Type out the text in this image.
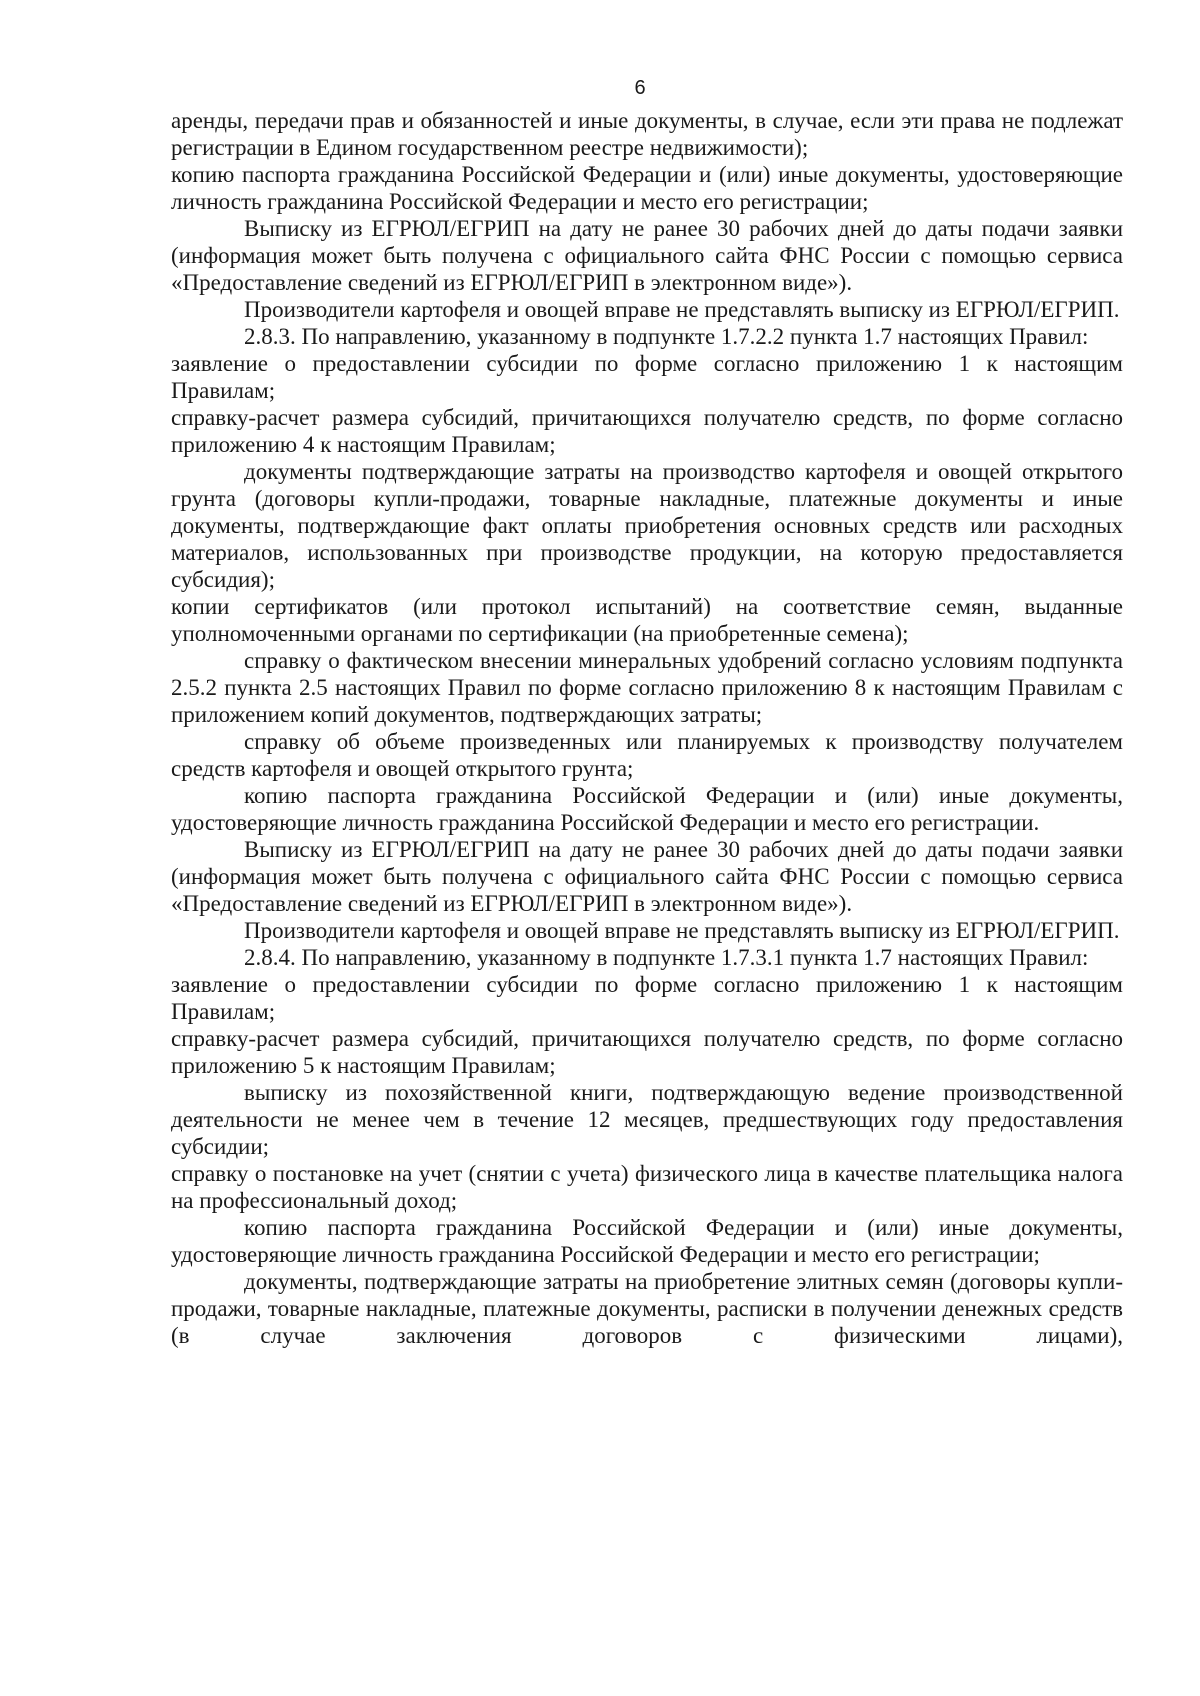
6

аренды, передачи прав и обязанностей и иные документы, в случае, если эти права не подлежат регистрации в Едином государственном реестре недвижимости);

копию паспорта гражданина Российской Федерации и (или) иные документы, удостоверяющие личность гражданина Российской Федерации и место его регистрации;

Выписку из ЕГРЮЛ/ЕГРИП на дату не ранее 30 рабочих дней до даты подачи заявки (информация может быть получена с официального сайта ФНС России с помощью сервиса «Предоставление сведений из ЕГРЮЛ/ЕГРИП в электронном виде»).

Производители картофеля и овощей вправе не представлять выписку из ЕГРЮЛ/ЕГРИП.

2.8.3. По направлению, указанному в подпункте 1.7.2.2 пункта 1.7 настоящих Правил:

заявление о предоставлении субсидии по форме согласно приложению 1 к настоящим Правилам;

справку-расчет размера субсидий, причитающихся получателю средств, по форме согласно приложению 4 к настоящим Правилам;

документы подтверждающие затраты на производство картофеля и овощей открытого грунта (договоры купли-продажи, товарные накладные, платежные документы и иные документы, подтверждающие факт оплаты приобретения основных средств или расходных материалов, использованных при производстве продукции, на которую предоставляется субсидия);

копии сертификатов (или протокол испытаний) на соответствие семян, выданные уполномоченными органами по сертификации (на приобретенные семена);

справку о фактическом внесении минеральных удобрений согласно условиям подпункта 2.5.2 пункта 2.5 настоящих Правил по форме согласно приложению 8 к настоящим Правилам с приложением копий документов, подтверждающих затраты;

справку об объеме произведенных или планируемых к производству получателем средств картофеля и овощей открытого грунта;

копию паспорта гражданина Российской Федерации и (или) иные документы, удостоверяющие личность гражданина Российской Федерации и место его регистрации.

Выписку из ЕГРЮЛ/ЕГРИП на дату не ранее 30 рабочих дней до даты подачи заявки (информация может быть получена с официального сайта ФНС России с помощью сервиса «Предоставление сведений из ЕГРЮЛ/ЕГРИП в электронном виде»).

Производители картофеля и овощей вправе не представлять выписку из ЕГРЮЛ/ЕГРИП.

2.8.4. По направлению, указанному в подпункте 1.7.3.1 пункта 1.7 настоящих Правил:

заявление о предоставлении субсидии по форме согласно приложению 1 к настоящим Правилам;

справку-расчет размера субсидий, причитающихся получателю средств, по форме согласно приложению 5 к настоящим Правилам;

выписку из похозяйственной книги, подтверждающую ведение производственной деятельности не менее чем в течение 12 месяцев, предшествующих году предоставления субсидии;

справку о постановке на учет (снятии с учета) физического лица в качестве плательщика налога на профессиональный доход;

копию паспорта гражданина Российской Федерации и (или) иные документы, удостоверяющие личность гражданина Российской Федерации и место его регистрации;

документы, подтверждающие затраты на приобретение элитных семян (договоры купли-продажи, товарные накладные, платежные документы, расписки в получении денежных средств (в случае заключения договоров с физическими лицами),
